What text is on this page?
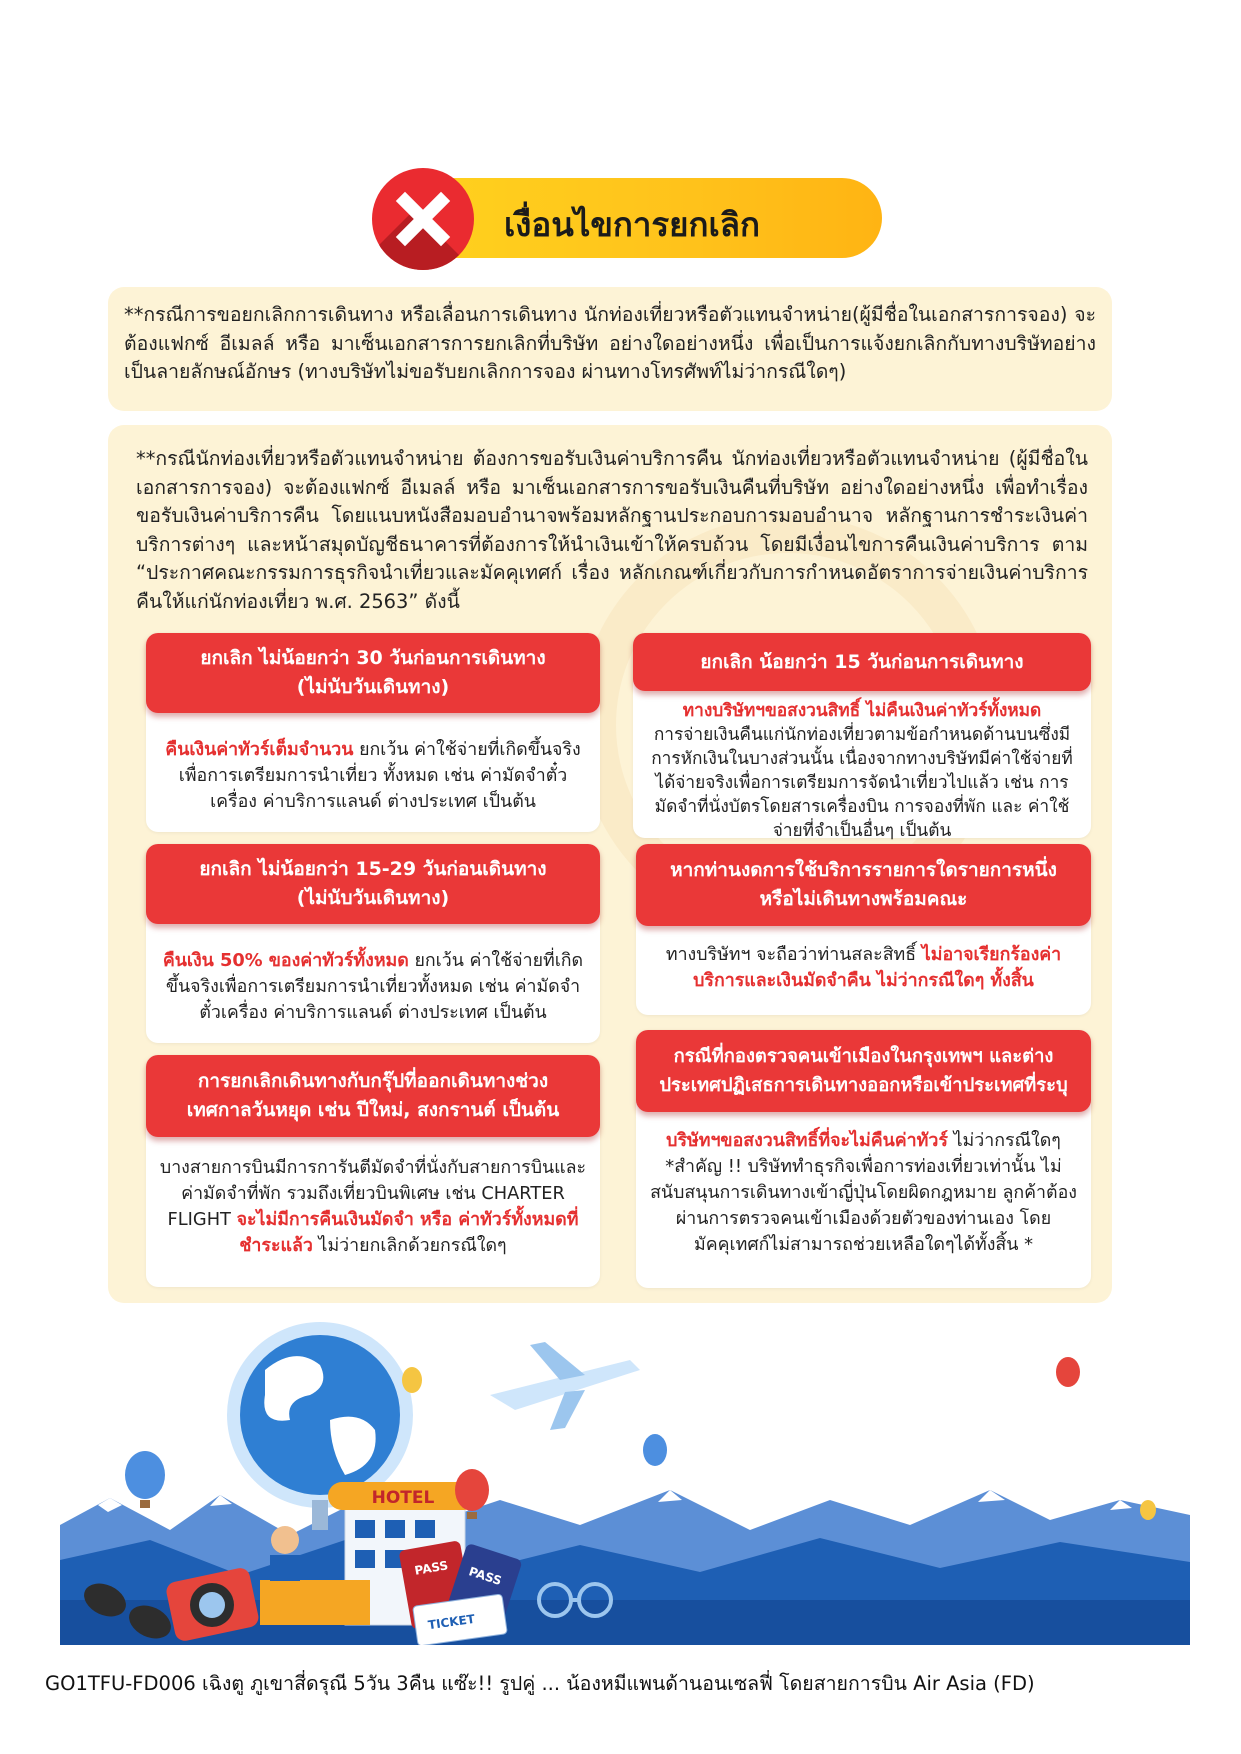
เงื่อนไขการยกเลิก

**กรณีการขอยกเลิกการเดินทาง หรือเลื่อนการเดินทาง นักท่องเที่ยวหรือตัวแทนจำหน่าย(ผู้มีชื่อในเอกสารการจอง) จะต้องแฟกซ์ อีเมลล์ หรือ มาเซ็นเอกสารการยกเลิกที่บริษัท อย่างใดอย่างหนึ่ง เพื่อเป็นการแจ้งยกเลิกกับทางบริษัทอย่างเป็นลายลักษณ์อักษร (ทางบริษัทไม่ขอรับยกเลิกการจอง ผ่านทางโทรศัพท์ไม่ว่ากรณีใดๆ)

**กรณีนักท่องเที่ยวหรือตัวแทนจำหน่าย ต้องการขอรับเงินค่าบริการคืน นักท่องเที่ยวหรือตัวแทนจำหน่าย (ผู้มีชื่อในเอกสารการจอง) จะต้องแฟกซ์ อีเมลล์ หรือ มาเซ็นเอกสารการขอรับเงินคืนที่บริษัท อย่างใดอย่างหนึ่ง เพื่อทำเรื่องขอรับเงินค่าบริการคืน โดยแนบหนังสือมอบอำนาจพร้อมหลักฐานประกอบการมอบอำนาจ หลักฐานการชำระเงินค่าบริการต่างๆ และหน้าสมุดบัญชีธนาคารที่ต้องการให้นำเงินเข้าให้ครบถ้วน โดยมีเงื่อนไขการคืนเงินค่าบริการ ตาม “ประกาศคณะกรรมการธุรกิจนำเที่ยวและมัคคุเทศก์ เรื่อง หลักเกณฑ์เกี่ยวกับการกำหนดอัตราการจ่ายเงินค่าบริการคืนให้แก่นักท่องเที่ยว พ.ศ. 2563” ดังนี้

ยกเลิก ไม่น้อยกว่า 30 วันก่อนการเดินทาง
(ไม่นับวันเดินทาง)
คืนเงินค่าทัวร์เต็มจำนวน ยกเว้น ค่าใช้จ่ายที่เกิดขึ้นจริงเพื่อการเตรียมการนำเที่ยว ทั้งหมด เช่น ค่ามัดจำตั๋วเครื่อง ค่าบริการแลนด์ ต่างประเทศ เป็นต้น
ยกเลิก น้อยกว่า 15 วันก่อนการเดินทาง
ทางบริษัทฯขอสงวนสิทธิ์ ไม่คืนเงินค่าทัวร์ทั้งหมด
การจ่ายเงินคืนแก่นักท่องเที่ยวตามข้อกำหนดด้านบนซึ่งมีการหักเงินในบางส่วนนั้น เนื่องจากทางบริษัทมีค่าใช้จ่ายที่ได้จ่ายจริงเพื่อการเตรียมการจัดนำเที่ยวไปแล้ว เช่น การมัดจำที่นั่งบัตรโดยสารเครื่องบิน การจองที่พัก และ ค่าใช้จ่ายที่จำเป็นอื่นๆ เป็นต้น
ยกเลิก ไม่น้อยกว่า 15-29 วันก่อนเดินทาง
(ไม่นับวันเดินทาง)
คืนเงิน 50% ของค่าทัวร์ทั้งหมด ยกเว้น ค่าใช้จ่ายที่เกิดขึ้นจริงเพื่อการเตรียมการนำเที่ยวทั้งหมด เช่น ค่ามัดจำตั๋วเครื่อง ค่าบริการแลนด์ ต่างประเทศ เป็นต้น
หากท่านงดการใช้บริการรายการใดรายการหนึ่ง
หรือไม่เดินทางพร้อมคณะ
ทางบริษัทฯ จะถือว่าท่านสละสิทธิ์ ไม่อาจเรียกร้องค่าบริการและเงินมัดจำคืน ไม่ว่ากรณีใดๆ ทั้งสิ้น
การยกเลิกเดินทางกับกรุ๊ปที่ออกเดินทางช่วง
เทศกาลวันหยุด เช่น ปีใหม่, สงกรานต์ เป็นต้น
บางสายการบินมีการการันตีมัดจำที่นั่งกับสายการบินและค่ามัดจำที่พัก รวมถึงเที่ยวบินพิเศษ เช่น CHARTER FLIGHT จะไม่มีการคืนเงินมัดจำ หรือ ค่าทัวร์ทั้งหมดที่ชำระแล้ว ไม่ว่ายกเลิกด้วยกรณีใดๆ
กรณีที่กองตรวจคนเข้าเมืองในกรุงเทพฯ และต่าง
ประเทศปฏิเสธการเดินทางออกหรือเข้าประเทศที่ระบุ
บริษัทฯขอสงวนสิทธิ์ที่จะไม่คืนค่าทัวร์ ไม่ว่ากรณีใดๆ *สำคัญ !! บริษัททำธุรกิจเพื่อการท่องเที่ยวเท่านั้น ไม่สนับสนุนการเดินทางเข้าญี่ปุ่นโดยผิดกฎหมาย ลูกค้าต้องผ่านการตรวจคนเข้าเมืองด้วยตัวของท่านเอง โดยมัคคุเทศก์ไม่สามารถช่วยเหลือใดๆได้ทั้งสิ้น *
HOTEL
PASS PASS
TICKET
GO1TFU-FD006 เฉิงตู ภูเขาสี่ดรุณี 5วัน 3คืน แซ๊ะ!! รูปคู่ ... น้องหมีแพนด้านอนเซลฟี่ โดยสายการบิน Air Asia (FD)
